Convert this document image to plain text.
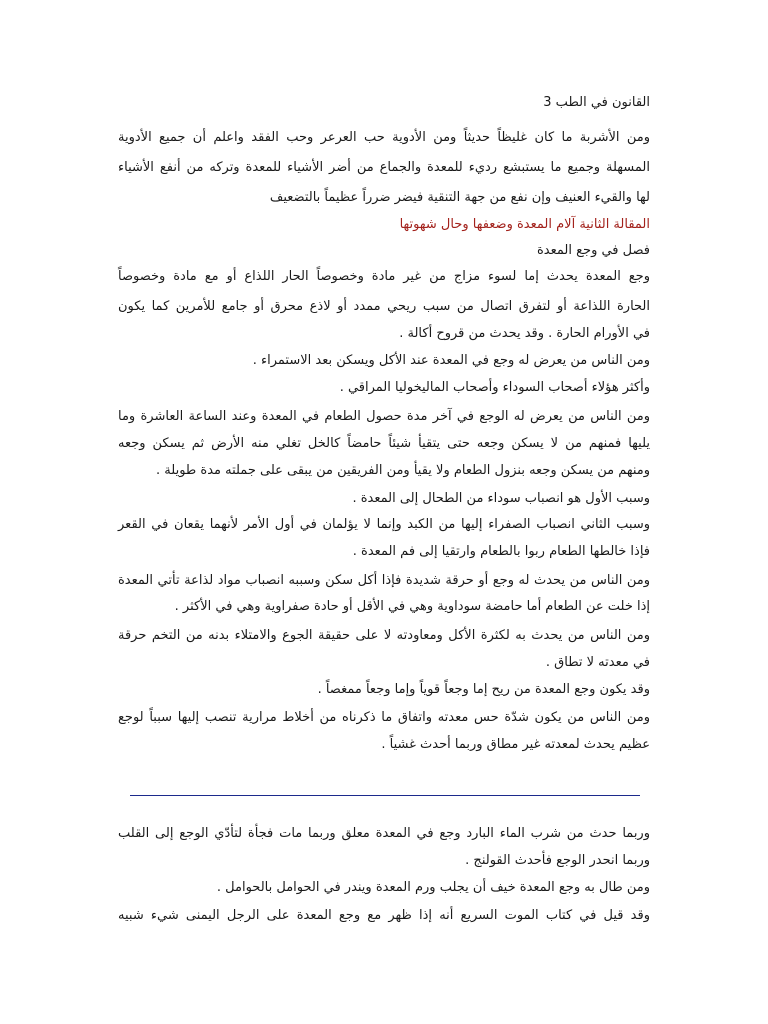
القانون في الطب 3

ومن الأشربة ما كان غليظاً حديثاً ومن الأدوية حب العرعر وحب الفقد واعلم أن جميع الأدوية

المسهلة وجميع ما يستبشع رديء للمعدة والجماع من أضر الأشياء للمعدة وتركه من أنفع الأشياء

لها والقيء العنيف وإن نفع من جهة التنقية فيضر ضرراً عظيماً بالتضعيف

المقالة الثانية آلام المعدة وضعفها وحال شهوتها

فصل في وجع المعدة

وجع المعدة يحدث إما لسوء مزاج من غير مادة وخصوصاً الحار اللذاع أو مع مادة وخصوصاً

الحارة اللذاعة أو لتفرق اتصال من سبب ريحي ممدد أو لاذع محرق أو جامع للأمرين كما يكون

في الأورام الحارة . وقد يحدث من قروح أكالة .

ومن الناس من يعرض له وجع في المعدة عند الأكل ويسكن بعد الاستمراء .

وأكثر هؤلاء أصحاب السوداء وأصحاب الماليخوليا المراقي .

ومن الناس من يعرض له الوجع في آخر مدة حصول الطعام في المعدة وعند الساعة العاشرة وما

يليها فمنهم من لا يسكن وجعه حتى يتقيأ شيئاً حامضاً كالخل تغلي منه الأرض ثم يسكن وجعه

ومنهم من يسكن وجعه بنزول الطعام ولا يقيأ ومن الفريقين من يبقى على جملته مدة طويلة .

وسبب الأول هو انصباب سوداء من الطحال إلى المعدة .

وسبب الثاني انصباب الصفراء إليها من الكبد وإنما لا يؤلمان في أول الأمر لأنهما يقعان في القعر

فإذا خالطها الطعام ربوا بالطعام وارتقيا إلى فم المعدة .

ومن الناس من يحدث له وجع أو حرقة شديدة فإذا أكل سكن وسببه انصباب مواد لذاعة تأتي المعدة

إذا خلت عن الطعام أما حامضة سوداوية وهي في الأقل أو حادة صفراوية وهي في الأكثر .

ومن الناس من يحدث به لكثرة الأكل ومعاودته لا على حقيقة الجوع والامتلاء بدنه من التخم حرقة

في معدته لا تطاق .

وقد يكون وجع المعدة من ريح إما وجعاً قوياً وإما وجعاً ممغصاً .

ومن الناس من يكون شدّة حس معدته واتفاق ما ذكرناه من أخلاط مرارية تنصب إليها سبباً لوجع

عظيم يحدث لمعدته غير مطاق وربما أحدث غشياً .

وربما حدث من شرب الماء البارد وجع في المعدة معلق وربما مات فجأة لتأدّي الوجع إلى القلب

وربما انحدر الوجع فأحدث القولنج .

ومن طال به وجع المعدة خيف أن يجلب ورم المعدة ويندر في الحوامل بالحوامل .

وقد قيل في كتاب الموت السريع أنه إذا ظهر مع وجع المعدة على الرجل اليمنى شيء شبيه
